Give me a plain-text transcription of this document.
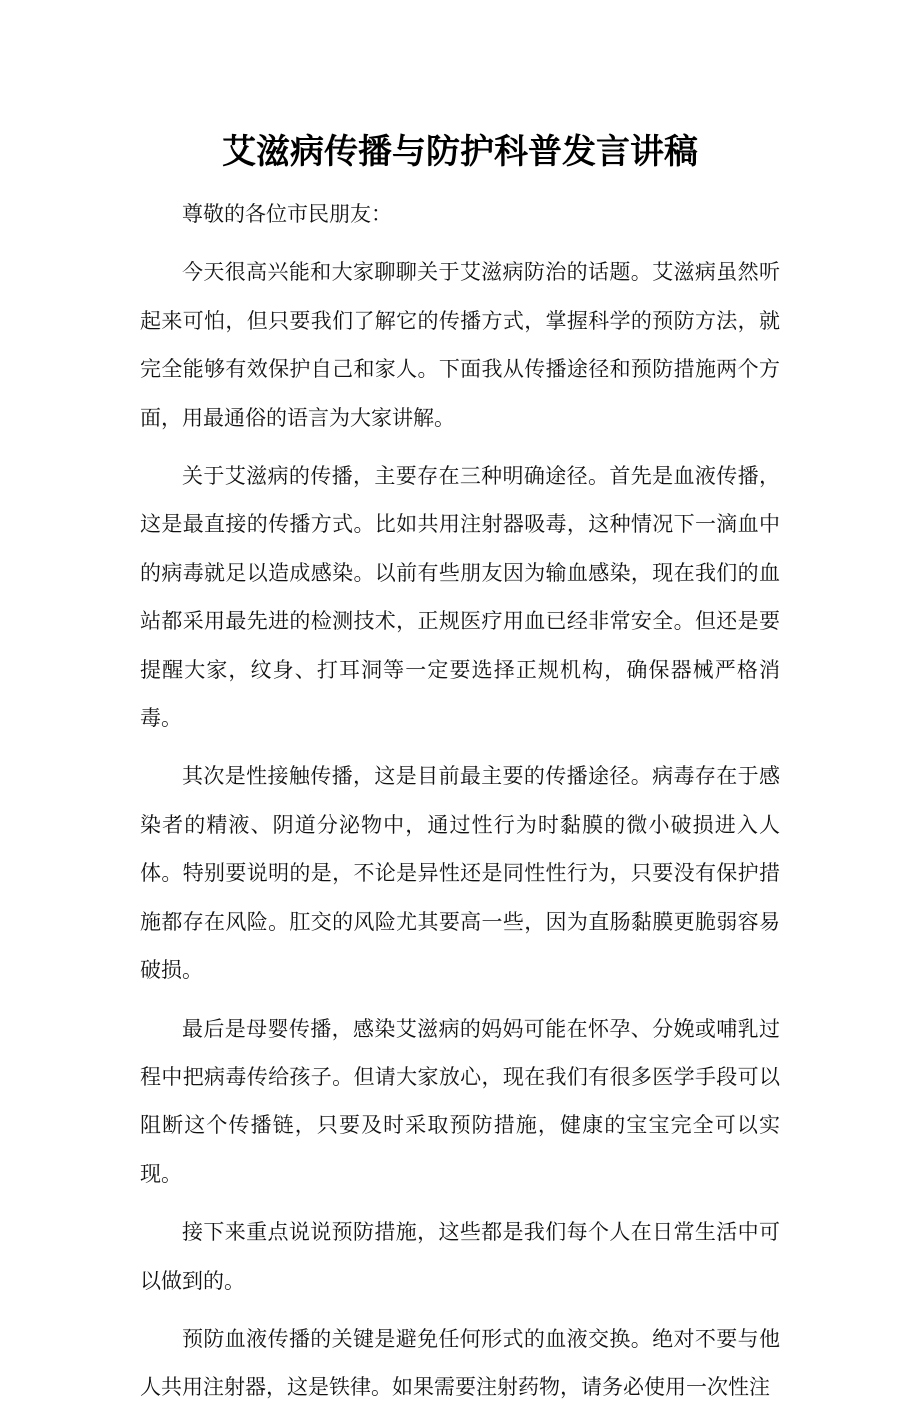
艾滋病传播与防护科普发言讲稿

尊敬的各位市民朋友：

今天很高兴能和大家聊聊关于艾滋病防治的话题。艾滋病虽然听起来可怕，但只要我们了解它的传播方式，掌握科学的预防方法，就完全能够有效保护自己和家人。下面我从传播途径和预防措施两个方面，用最通俗的语言为大家讲解。

关于艾滋病的传播，主要存在三种明确途径。首先是血液传播，这是最直接的传播方式。比如共用注射器吸毒，这种情况下一滴血中的病毒就足以造成感染。以前有些朋友因为输血感染，现在我们的血站都采用最先进的检测技术，正规医疗用血已经非常安全。但还是要提醒大家，纹身、打耳洞等一定要选择正规机构，确保器械严格消毒。

其次是性接触传播，这是目前最主要的传播途径。病毒存在于感染者的精液、阴道分泌物中，通过性行为时黏膜的微小破损进入人体。特别要说明的是，不论是异性还是同性性行为，只要没有保护措施都存在风险。肛交的风险尤其要高一些，因为直肠黏膜更脆弱容易破损。

最后是母婴传播，感染艾滋病的妈妈可能在怀孕、分娩或哺乳过程中把病毒传给孩子。但请大家放心，现在我们有很多医学手段可以阻断这个传播链，只要及时采取预防措施，健康的宝宝完全可以实现。

接下来重点说说预防措施，这些都是我们每个人在日常生活中可以做到的。

预防血液传播的关键是避免任何形式的血液交换。绝对不要与他人共用注射器，这是铁律。如果需要注射药物，请务必使用一次性注
